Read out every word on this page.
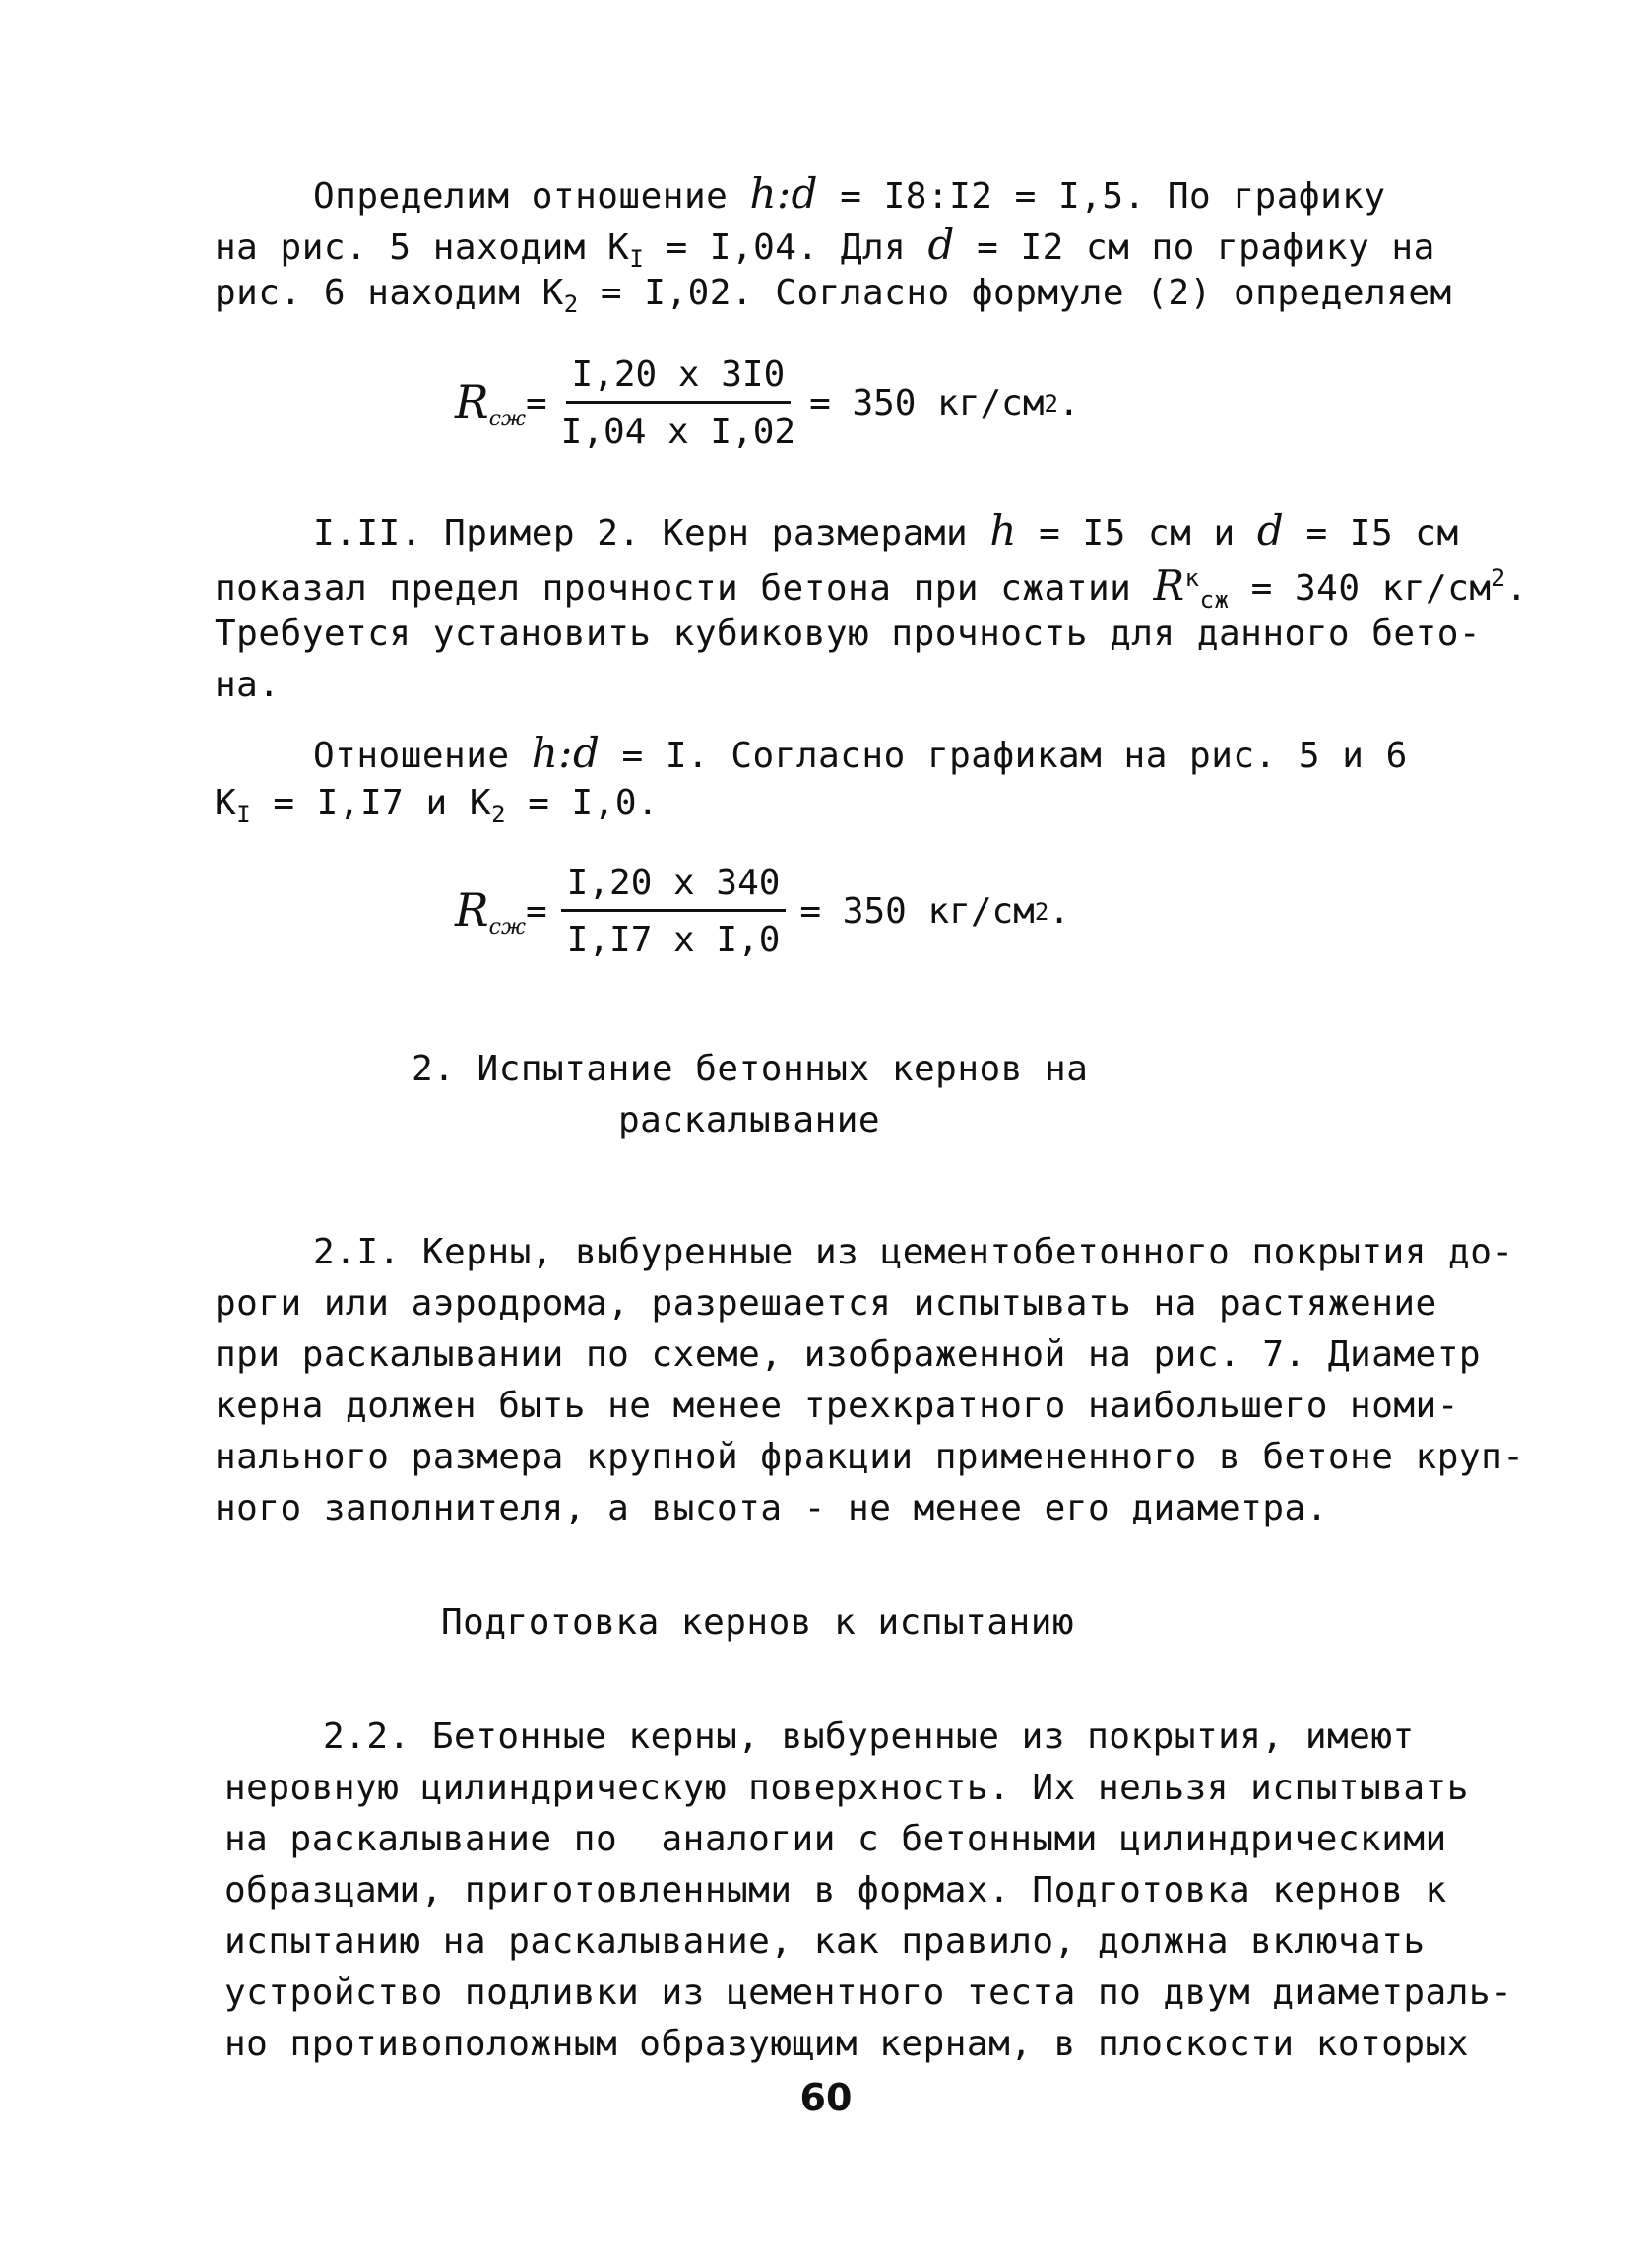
Определим отношение h:d = I8:I2 = I,5. По графику
на рис. 5 находим $К_I = I,04$. Для d = I2 см по графику на
рис. 6 находим $К_2 = I,02$. Согласно формуле (2) определяем
$R_{сж} = \frac{I,20 x 3I0}{\text{I,04 x I,02}} = 350$ кг/см 2 .
I.II. Пример 2. Керн размерами h = I5 см и d = I5 см
показал предел прочности бетона при сжатии $R^к_{сж} = 340$ $кг/см^2$.
Требуется установить кубиковую прочность для данного бето-
на.
Отношение h:d = I. Согласно графикам на рис. 5 и 6
$К_I = I,I7$ и $К_2 = I,0$.
$R_{сж} = \frac{I,20 x 340}{\text{I,I7 x I,0}} = 350$ кг/см 2 .
2. Испытание бетонных кернов на
раскалывание
2.I. Керны, выбуренные из цементобетонного покрытия до-
роги или аэродрома, разрешается испытывать на растяжение
при раскалывании по схеме, изображенной на рис. 7. Диаметр
керна должен быть не менее трехкратного наибольшего номи-
нального размера крупной фракции примененного в бетоне круп-
ного заполнителя, а высота - не менее его диаметра.
Подготовка кернов к испытанию
2.2. Бетонные керны, выбуренные из покрытия, имеют
неровную цилиндрическую поверхность. Их нельзя испытывать
на раскалывание по  аналогии с бетонными цилиндрическими
образцами, приготовленными в формах. Подготовка кернов к
испытанию на раскалывание, как правило, должна включать
устройство подливки из цементного теста по двум диаметраль-
но противоположным образующим кернам, в плоскости которых
60
